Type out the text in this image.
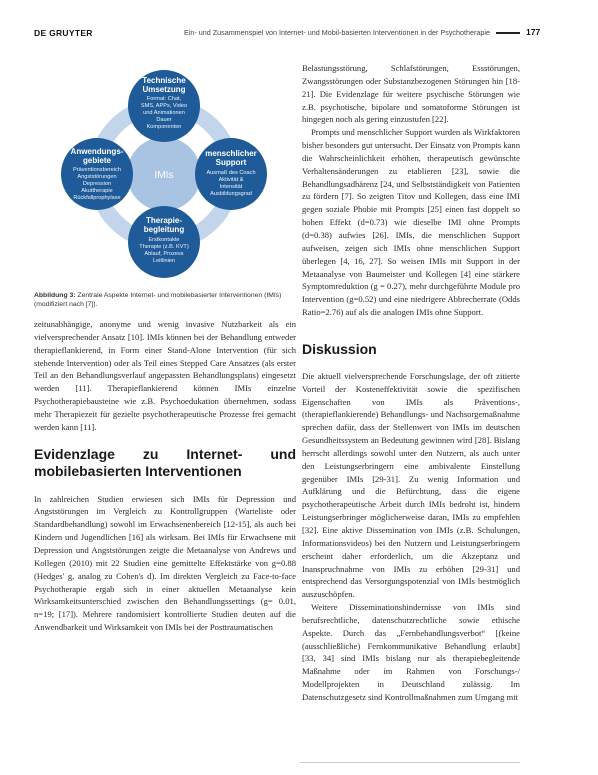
DE GRUYTER	Ein- und Zusammenspiel von Internet- und Mobil-basierten Interventionen in der Psychotherapie	177
IMIs
Technische
Umsetzung
Format: Chat,
SMS, APPs, Video
und Animationen
Dauer
Komponenten
Anwendungs-
gebiete
Präventionsbereich
Angststörungen
Depression
Akuttherapie
Rückfallprophylaxe
menschlicher
Support
Ausmaß des Coach
Aktivität &
Intensität
Ausbildungsgrad
Therapie-
begleitung
Erstkontakte
Therapie (z.B. KVT)
Ablauf, Prozess
Leitlinien
Abbildung 3: Zentrale Aspekte Internet- und mobilebasierter Interventionen (IMIs) (modifiziert nach [7]).

zeitunabhängige, anonyme und wenig invasive Nutzbarkeit als ein vielversprechender Ansatz [10]. IMIs können bei der Behandlung entweder therapieflankierend, in Form einer Stand-Alone Intervention (für sich stehende Intervention) oder als Teil eines Stepped Care Ansatzes (als erster Teil an den Behandlungsverlauf angepassten Behandlungsplans) eingesetzt werden [11]. Therapieflankierend können IMIs einzelne Psychotherapiebausteine wie z.B. Psychoedukation übernehmen, sodass mehr Therapiezeit für gezielte psychotherapeutische Prozesse frei gemacht werden kann [11].

Evidenzlage zu Internet- und mobilebasierten Interventionen

In zahlreichen Studien erwiesen sich IMIs für Depression und Angststörungen im Vergleich zu Kontrollgruppen (Warteliste oder Standardbehandlung) sowohl im Erwachsenenbereich [12-15], als auch bei Kindern und Jugendlichen [16] als wirksam. Bei IMIs für Erwachsene mit Depression und Angststörungen zeigte die Metaanalyse von Andrews und Kollegen (2010) mit 22 Studien eine gemittelte Effektstärke von g=0.88 (Hedges' g, analog zu Cohen's d). Im direkten Vergleich zu Face-to-face Psychotherapie ergab sich in einer aktuellen Metaanalyse kein Wirksamkeitsunterschied zwischen den Behandlungssettings (g= 0.01, n=19; [17]). Mehrere randomisiert kontrollierte Studien deuten auf die Anwendbarkeit und Wirksamkeit von IMIs bei der Posttraumatischen

Belastungsstörung, Schlafstörungen, Essstörungen, Zwangsstörungen oder Substanzbezogenen Störungen hin [18-21]. Die Evidenzlage für weitere psychische Störungen wie z.B. psychotische, bipolare und somatoforme Störungen ist hingegen noch als gering einzustufen [22].

Prompts und menschlicher Support wurden als Wirkfaktoren bisher besonders gut untersucht. Der Einsatz von Prompts kann die Wahrscheinlichkeit erhöhen, therapeutisch gewünschte Verhaltensänderungen zu etablieren [23], sowie die Behandlungsadhärenz [24, und Selbstständigkeit von Patienten zu fördern [7]. So zeigten Titov und Kollegen, dass eine IMI gegen soziale Phobie mit Prompts [25] einen fast doppelt so hohen Effekt (d=0.73) wie dieselbe IMI ohne Prompts (d=0.38) aufwies [26]. IMIs, die menschlichen Support aufweisen, zeigen sich IMIs ohne menschlichen Support überlegen [4, 16, 27]. So weisen IMIs mit Support in der Metaanalyse von Baumeister und Kollegen [4] eine stärkere Symptomreduktion (g = 0.27), mehr durchgeführte Module pro Intervention (g=0.52) und eine niedrigere Abbrecherrate (Odds Ratio=2.76) auf als die analogen IMIs ohne Support.

Diskussion

Die aktuell vielversprechende Forschungslage, der oft zitierte Vorteil der Kosteneffektivität sowie die spezifischen Eigenschaften von IMIs als Präventions-, (therapieflankierende) Behandlungs- und Nachsorgemaßnahme sprechen dafür, dass der Stellenwert von IMIs im deutschen Gesundheitssystem an Bedeutung gewinnen wird [28]. Bislang herrscht allerdings sowohl unter den Nutzern, als auch unter den Leistungserbringern eine ambivalente Einstellung gegenüber IMIs [29-31]. Zu wenig Information und Aufklärung und die Befürchtung, dass die eigene psychotherapeutische Arbeit durch IMIs bedroht ist, hindern Leistungserbringer möglicherweise daran, IMIs zu empfehlen [32]. Eine aktive Dissemination von IMIs (z.B. Schulungen, Informationsvideos) bei den Nutzern und Leistungserbringern erscheint daher erforderlich, um die Akzeptanz und Inanspruchnahme von IMIs zu erhöhen [29-31] und entsprechend das Versorgungspotenzial von IMIs bestmöglich auszuschöpfen.

Weitere Disseminationshindernisse von IMIs sind berufsrechtliche, datenschutzrechtliche sowie ethische Aspekte. Durch das „Fernbehandlungsverbot“ [(keine (ausschließliche) Fernkommunikative Behandlung erlaubt] [33, 34] sind IMIs bislang nur als therapiebegleitende Maßnahme oder im Rahmen von Forschungs-/ Modellprojekten in Deutschland zulässig. Im Datenschutzgesetz sind Kontrollmaßnahmen zum Umgang mit
